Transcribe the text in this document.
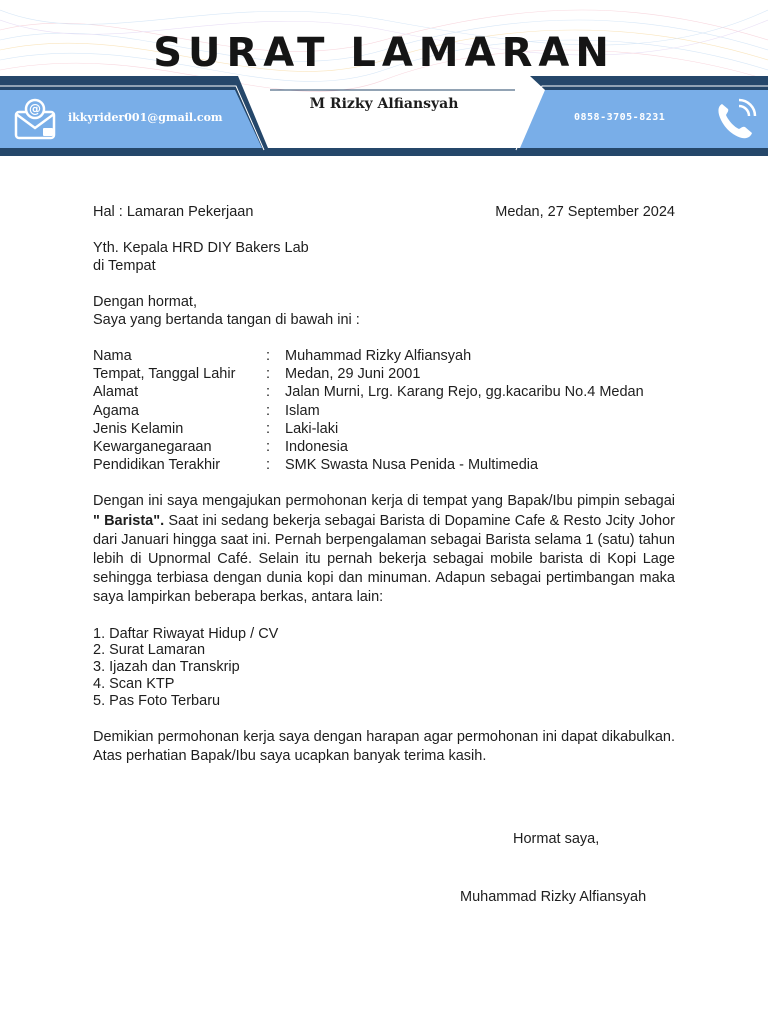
SURAT LAMARAN
M Rizky Alfiansyah
@
ikkyrider001@gmail.com	0858-3705-8231
Hal : Lamaran Pekerjaan	Medan, 27 September 2024

Yth. Kepala HRD DIY Bakers Lab

di Tempat

Dengan hormat,

Saya yang bertanda tangan di bawah ini :

Nama	:	Muhammad Rizky Alfiansyah
Tempat, Tanggal Lahir	:	Medan, 29 Juni 2001
Alamat	:	Jalan Murni, Lrg. Karang Rejo, gg.kacaribu No.4 Medan
Agama	:	Islam
Jenis Kelamin	:	Laki-laki
Kewarganegaraan	:	Indonesia
Pendidikan Terakhir	:	SMK Swasta Nusa Penida - Multimedia

Dengan ini saya mengajukan permohonan kerja di tempat yang Bapak/Ibu pimpin sebagai " Barista". Saat ini sedang bekerja sebagai Barista di Dopamine Cafe & Resto Jcity Johor dari Januari hingga saat ini. Pernah berpengalaman sebagai Barista selama 1 (satu) tahun lebih di Upnormal Café. Selain itu pernah bekerja sebagai mobile barista di Kopi Lage sehingga terbiasa dengan dunia kopi dan minuman. Adapun sebagai pertimbangan maka saya lampirkan beberapa berkas, antara lain:

1. Daftar Riwayat Hidup / CV

2. Surat Lamaran

3. Ijazah dan Transkrip

4. Scan KTP

5. Pas Foto Terbaru

Demikian permohonan kerja saya dengan harapan agar permohonan ini dapat dikabulkan. Atas perhatian Bapak/Ibu saya ucapkan banyak terima kasih.

Hormat saya,
Muhammad Rizky Alfiansyah
